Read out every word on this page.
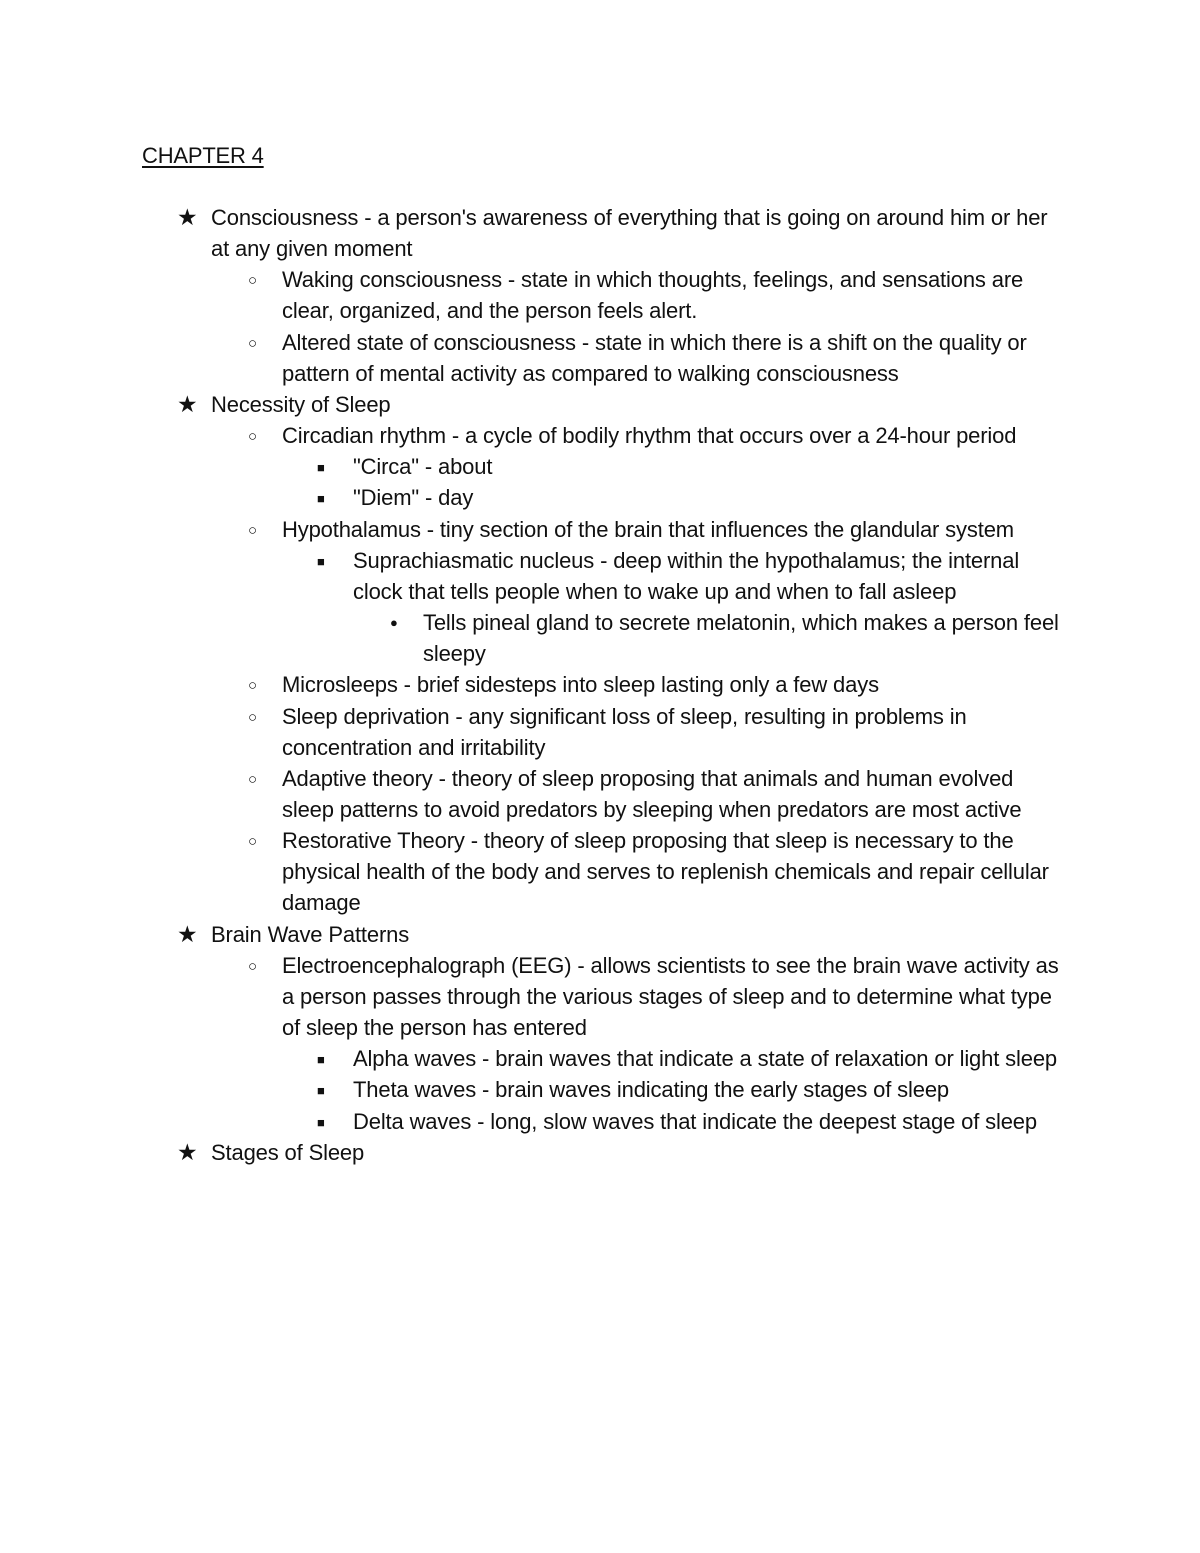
CHAPTER 4
★ Consciousness - a person's awareness of everything that is going on around him or her at any given moment
○ Waking consciousness - state in which thoughts, feelings, and sensations are clear, organized, and the person feels alert.
○ Altered state of consciousness - state in which there is a shift on the quality or pattern of mental activity as compared to walking consciousness
★ Necessity of Sleep
○ Circadian rhythm - a cycle of bodily rhythm that occurs over a 24-hour period
■ "Circa" - about
■ "Diem" - day
○ Hypothalamus - tiny section of the brain that influences the glandular system
■ Suprachiasmatic nucleus - deep within the hypothalamus; the internal clock that tells people when to wake up and when to fall asleep
● Tells pineal gland to secrete melatonin, which makes a person feel sleepy
○ Microsleeps - brief sidesteps into sleep lasting only a few days
○ Sleep deprivation - any significant loss of sleep, resulting in problems in concentration and irritability
○ Adaptive theory - theory of sleep proposing that animals and human evolved sleep patterns to avoid predators by sleeping when predators are most active
○ Restorative Theory - theory of sleep proposing that sleep is necessary to the physical health of the body and serves to replenish chemicals and repair cellular damage
★ Brain Wave Patterns
○ Electroencephalograph (EEG) - allows scientists to see the brain wave activity as a person passes through the various stages of sleep and to determine what type of sleep the person has entered
■ Alpha waves - brain waves that indicate a state of relaxation or light sleep
■ Theta waves - brain waves indicating the early stages of sleep
■ Delta waves - long, slow waves that indicate the deepest stage of sleep
★ Stages of Sleep
